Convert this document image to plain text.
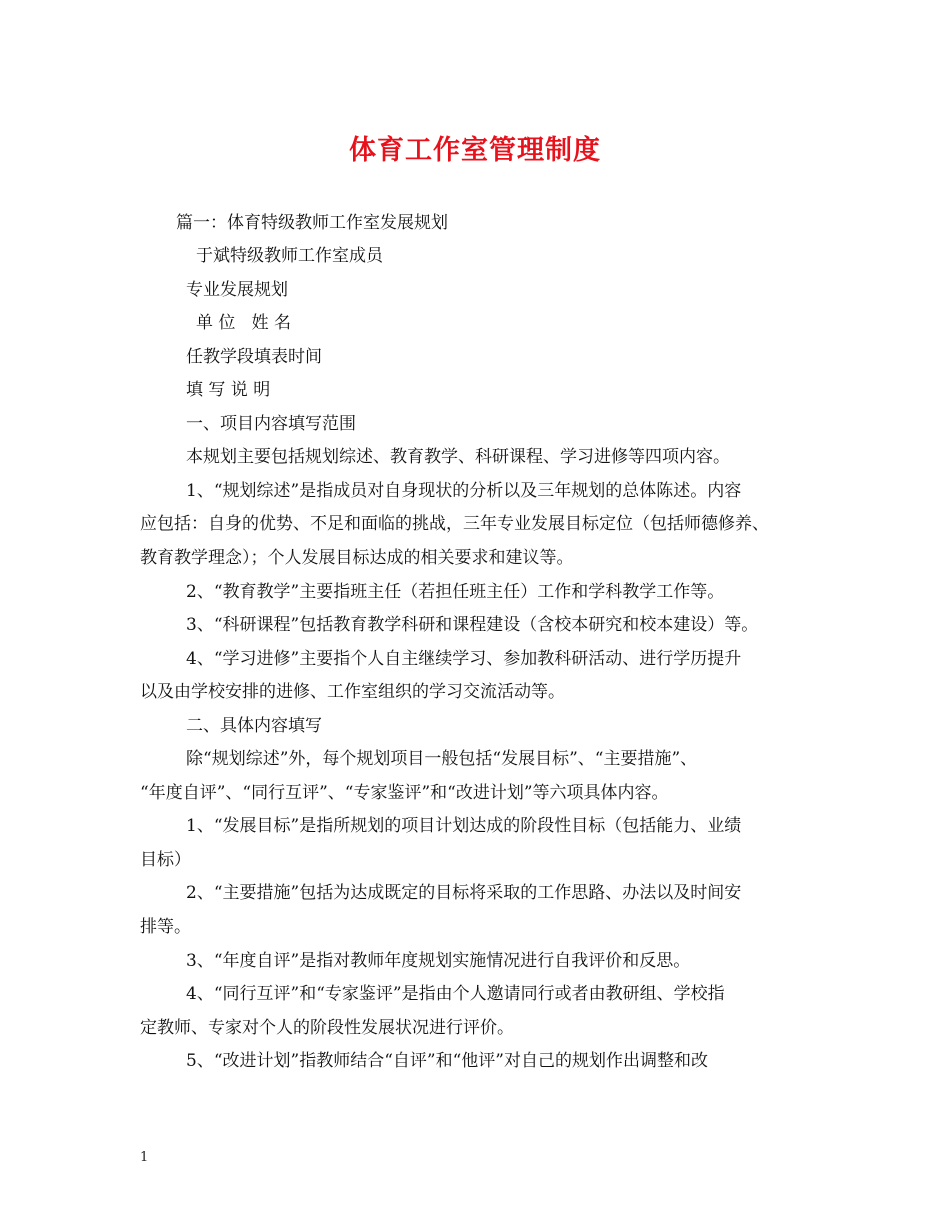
体育工作室管理制度

篇一：体育特级教师工作室发展规划

于斌特级教师工作室成员

专业发展规划

单 位   姓 名

任教学段填表时间

填 写 说 明

一、项目内容填写范围

本规划主要包括规划综述、教育教学、科研课程、学习进修等四项内容。

1、“规划综述”是指成员对自身现状的分析以及三年规划的总体陈述。内容

应包括：自身的优势、不足和面临的挑战，三年专业发展目标定位（包括师德修养、

教育教学理念）；个人发展目标达成的相关要求和建议等。

2、“教育教学”主要指班主任（若担任班主任）工作和学科教学工作等。

3、“科研课程”包括教育教学科研和课程建设（含校本研究和校本建设）等。

4、“学习进修”主要指个人自主继续学习、参加教科研活动、进行学历提升

以及由学校安排的进修、工作室组织的学习交流活动等。

二、具体内容填写

除“规划综述”外，每个规划项目一般包括“发展目标”、“主要措施”、

“年度自评”、“同行互评”、“专家鉴评”和“改进计划”等六项具体内容。

1、“发展目标”是指所规划的项目计划达成的阶段性目标（包括能力、业绩

目标）

2、“主要措施”包括为达成既定的目标将采取的工作思路、办法以及时间安

排等。

3、“年度自评”是指对教师年度规划实施情况进行自我评价和反思。

4、“同行互评”和“专家鉴评”是指由个人邀请同行或者由教研组、学校指

定教师、专家对个人的阶段性发展状况进行评价。

5、“改进计划”指教师结合“自评”和“他评”对自己的规划作出调整和改

1
